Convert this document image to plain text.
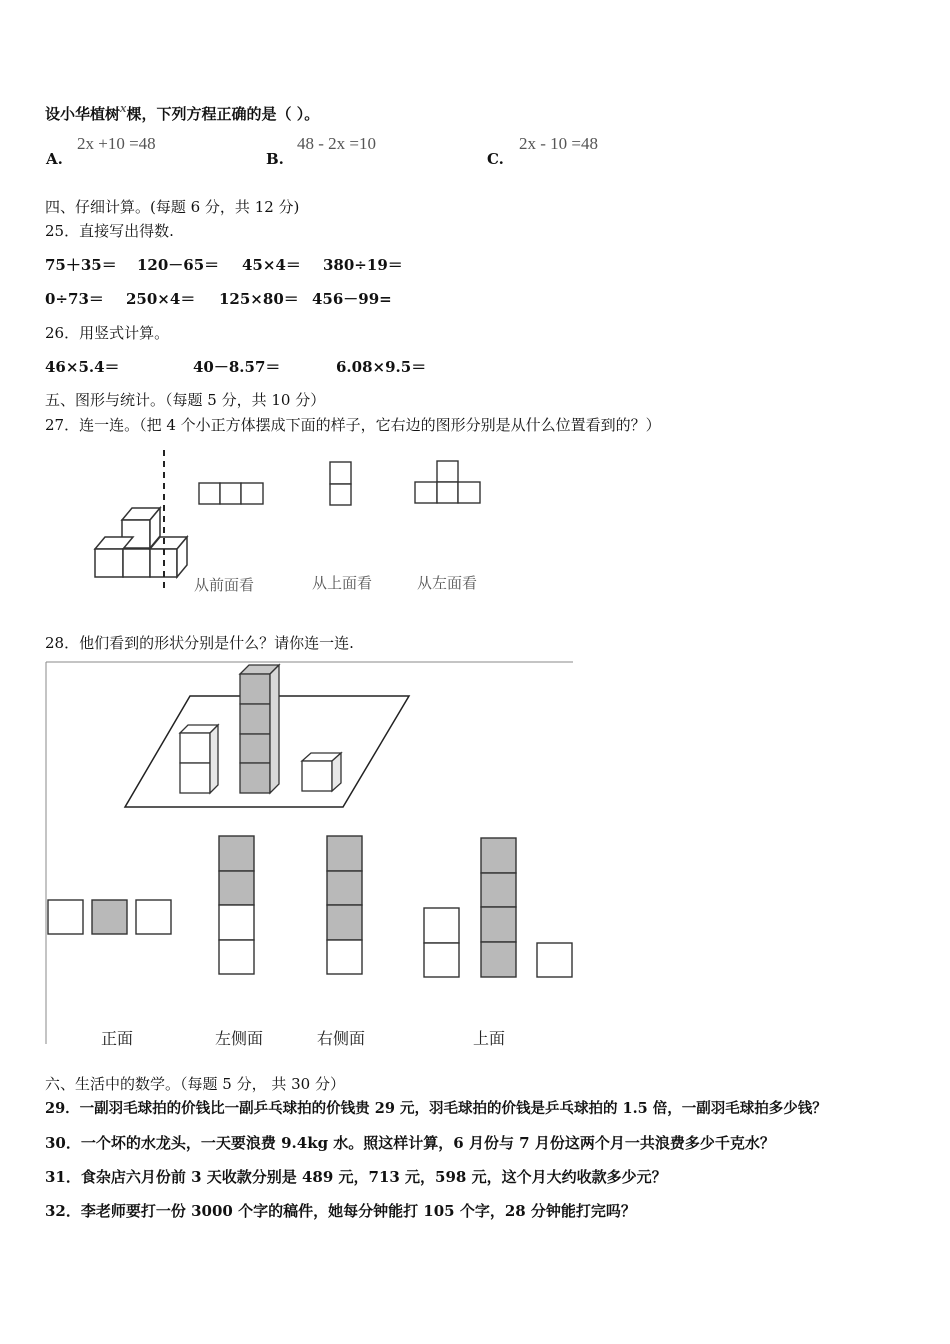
设小华植树x棵，下列方程正确的是（ ）。
A.
2x +10 =48
B.
48 - 2x =10
C.
2x - 10 =48
四、仔细计算。(每题 6 分，共 12 分)
25．直接写出得数.
75＋35＝ 120－65＝ 45×4＝ 380÷19＝
0÷73＝ 250×4＝ 125×80＝ 456－99=
26．用竖式计算。
46×5.4＝	40－8.57＝	6.08×9.5＝
五、图形与统计。（每题 5 分，共 10 分）
27．连一连。（把 4 个小正方体摆成下面的样子，它右边的图形分别是从什么位置看到的？）
从前面看	从上面看	从左面看
28．他们看到的形状分别是什么？请你连一连.
正面	左侧面	右侧面	上面
六、生活中的数学。（每题 5 分， 共 30 分）
29．一副羽毛球拍的价钱比一副乒乓球拍的价钱贵 29 元，羽毛球拍的价钱是乒乓球拍的 1.5 倍，一副羽毛球拍多少钱？
30．一个坏的水龙头，一天要浪费 9.4kg 水。照这样计算，6 月份与 7 月份这两个月一共浪费多少千克水？
31．食杂店六月份前 3 天收款分别是 489 元，713 元，598 元，这个月大约收款多少元？
32．李老师要打一份 3000 个字的稿件，她每分钟能打 105 个字，28 分钟能打完吗？
